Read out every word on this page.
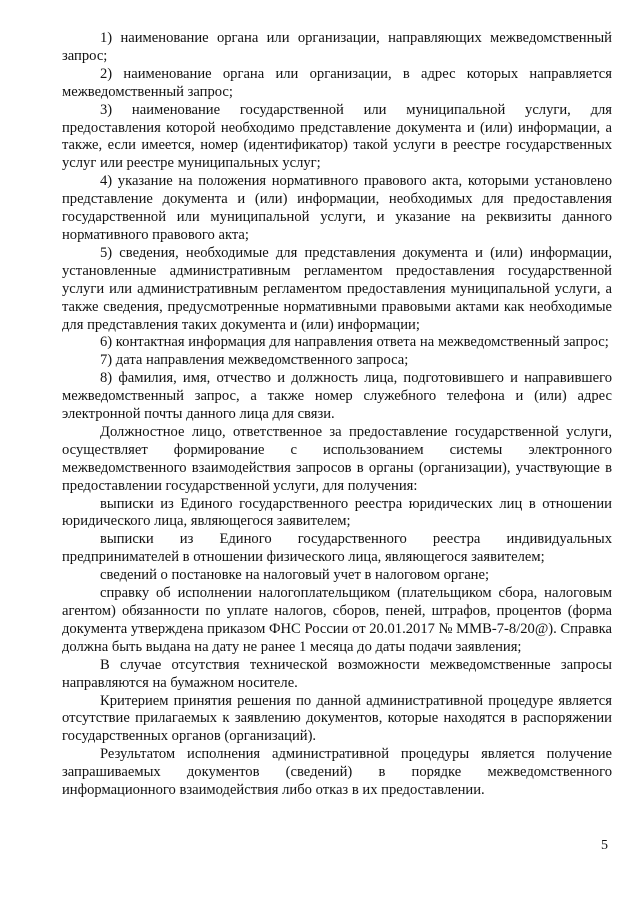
1) наименование органа или организации, направляющих межведомственный запрос;

2) наименование органа или организации, в адрес которых направляется межведомственный запрос;

3) наименование государственной или муниципальной услуги, для предоставления которой необходимо представление документа и (или) информации, а также, если имеется, номер (идентификатор) такой услуги в реестре государственных услуг или реестре муниципальных услуг;

4) указание на положения нормативного правового акта, которыми установлено представление документа и (или) информации, необходимых для предоставления государственной или муниципальной услуги, и указание на реквизиты данного нормативного правового акта;

5) сведения, необходимые для представления документа и (или) информации, установленные административным регламентом предоставления государственной услуги или административным регламентом предоставления муниципальной услуги, а также сведения, предусмотренные нормативными правовыми актами как необходимые для представления таких документа и (или) информации;

6) контактная информация для направления ответа на межведомственный запрос;

7) дата направления межведомственного запроса;

8) фамилия, имя, отчество и должность лица, подготовившего и направившего межведомственный запрос, а также номер служебного телефона и (или) адрес электронной почты данного лица для связи.

Должностное лицо, ответственное за предоставление государственной услуги, осуществляет формирование с использованием системы электронного межведомственного взаимодействия запросов в органы (организации), участвующие в предоставлении государственной услуги, для получения:

выписки из Единого государственного реестра юридических лиц в отношении юридического лица, являющегося заявителем;

выписки из Единого государственного реестра индивидуальных предпринимателей в отношении физического лица, являющегося заявителем;

сведений о постановке на налоговый учет в налоговом органе;

справку об исполнении налогоплательщиком (плательщиком сбора, налоговым агентом) обязанности по уплате налогов, сборов, пеней, штрафов, процентов (форма документа утверждена приказом ФНС России от 20.01.2017 № ММВ-7-8/20@). Справка должна быть выдана на дату не ранее 1 месяца до даты подачи заявления;

В случае отсутствия технической возможности межведомственные запросы направляются на бумажном носителе.

Критерием принятия решения по данной административной процедуре является отсутствие прилагаемых к заявлению документов, которые находятся в распоряжении государственных органов (организаций).

Результатом исполнения административной процедуры является получение запрашиваемых документов (сведений) в порядке межведомственного информационного взаимодействия либо отказ в их предоставлении.

5
